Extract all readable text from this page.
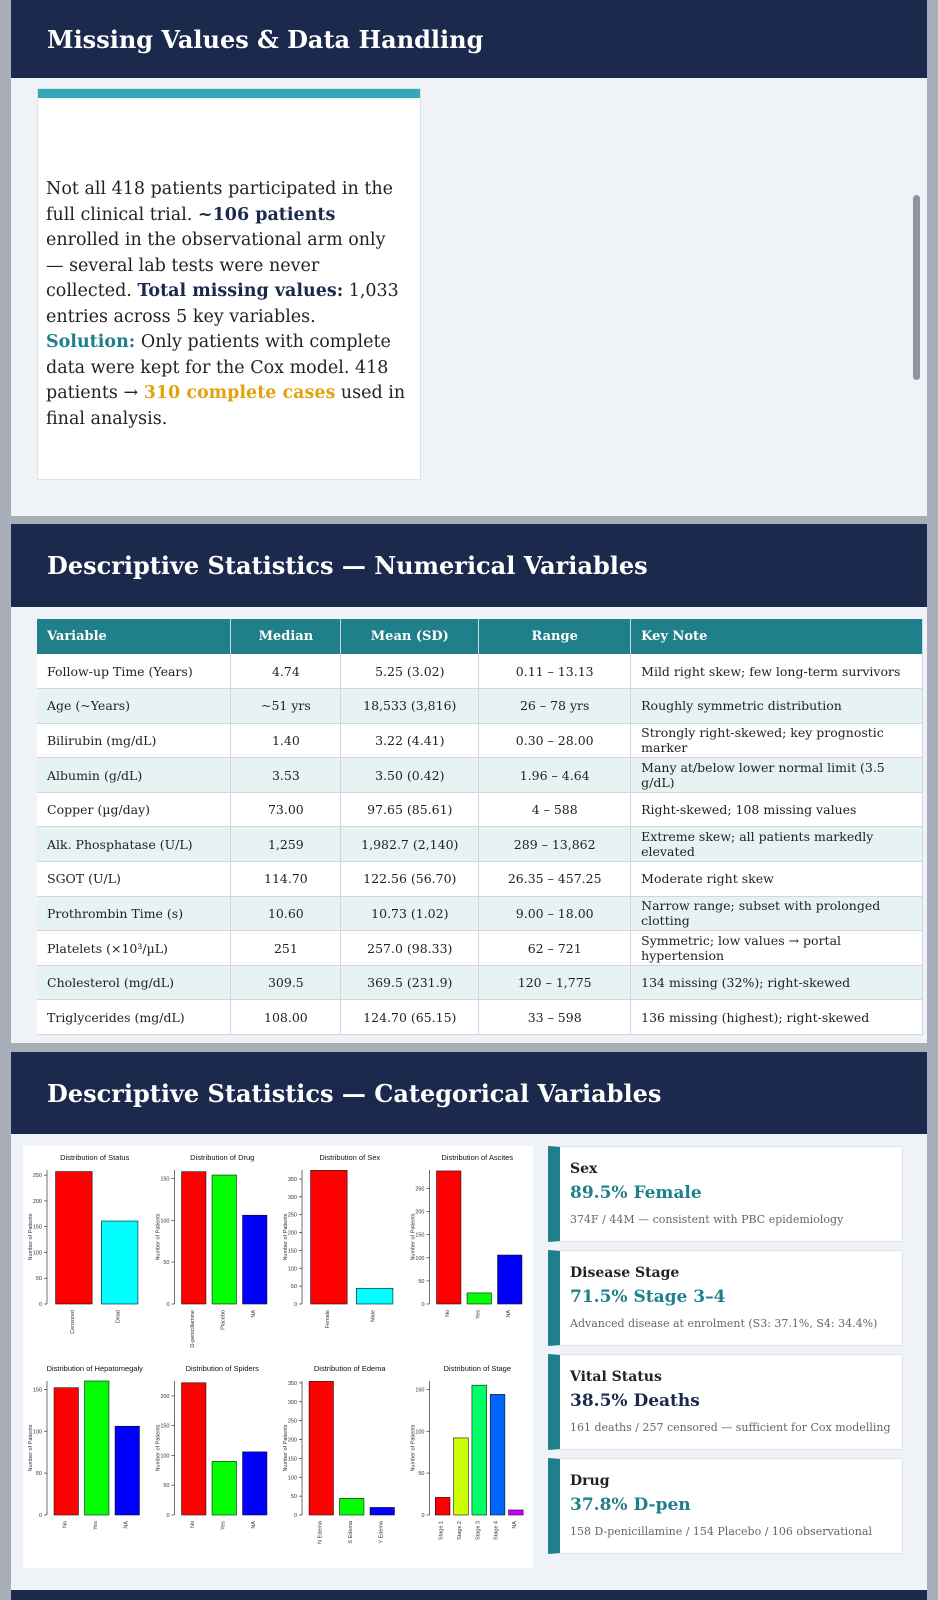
Missing Values & Data Handling

Not all 418 patients participated in the full clinical trial. ~106 patients enrolled in the observational arm only — several lab tests were never collected. Total missing values: 1,033 entries across 5 key variables. Solution: Only patients with complete data were kept for the Cox model. 418 patients → 310 complete cases used in final analysis.

Descriptive Statistics — Numerical Variables
Variable	Median	Mean (SD)	Range	Key Note
Follow-up Time (Years)	4.74	5.25 (3.02)	0.11 – 13.13	Mild right skew; few long-term survivors
Age (~Years)	~51 yrs	18,533 (3,816)	26 – 78 yrs	Roughly symmetric distribution
Bilirubin (mg/dL)	1.40	3.22 (4.41)	0.30 – 28.00	Strongly right-skewed; key prognostic marker
Albumin (g/dL)	3.53	3.50 (0.42)	1.96 – 4.64	Many at/below lower normal limit (3.5 g/dL)
Copper (µg/day)	73.00	97.65 (85.61)	4 – 588	Right-skewed; 108 missing values
Alk. Phosphatase (U/L)	1,259	1,982.7 (2,140)	289 – 13,862	Extreme skew; all patients markedly elevated
SGOT (U/L)	114.70	122.56 (56.70)	26.35 – 457.25	Moderate right skew
Prothrombin Time (s)	10.60	10.73 (1.02)	9.00 – 18.00	Narrow range; subset with prolonged clotting
Platelets (×10³/µL)	251	257.0 (98.33)	62 – 721	Symmetric; low values → portal hypertension
Cholesterol (mg/dL)	309.5	369.5 (231.9)	120 – 1,775	134 missing (32%); right-skewed
Triglycerides (mg/dL)	108.00	124.70 (65.15)	33 – 598	136 missing (highest); right-skewed
Descriptive Statistics — Categorical Variables
Distribution of Status
Number of Patients
0
50
100
150
200
250
Censored	Dead
Distribution of Drug
Number of Patients
0
50
100
150
D-penicillamine	Placebo	NA
Distribution of Sex
Number of Patients
0
50
100
150
200
250
300
350
Female	Male
Distribution of Ascites
Number of Patients
0
50
100
150
200
250
No	Yes	NA
Distribution of Hepatomegaly
Number of Patients
0
50
100
150
No	Yes	NA
Distribution of Spiders
Number of Patients
0
50
100
150
200
No	Yes	NA
Distribution of Edema
Number of Patients
0
50
100
150
200
250
300
350
N Edema	S Edema	Y Edema
Distribution of Stage
Number of Patients
0
50
100
150
Stage 1 Stage 2 Stage 3 Stage 4 NA
Sex
89.5% Female
374F / 44M — consistent with PBC epidemiology
Disease Stage
71.5% Stage 3–4
Advanced disease at enrolment (S3: 37.1%, S4: 34.4%)
Vital Status
38.5% Deaths
161 deaths / 257 censored — sufficient for Cox modelling
Drug
37.8% D-pen
158 D-penicillamine / 154 Placebo / 106 observational
